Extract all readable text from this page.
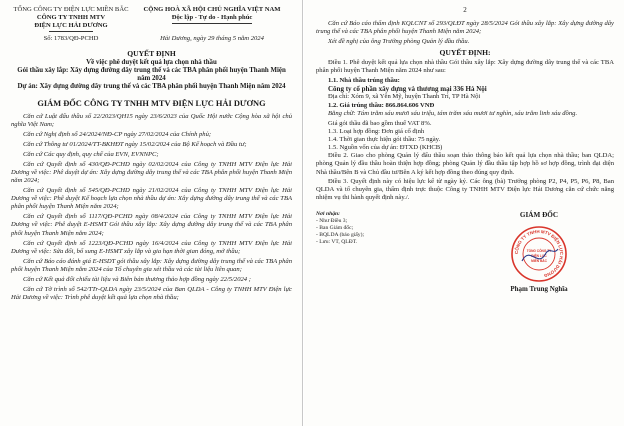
TỔNG CÔNG TY ĐIỆN LỰC MIỀN BẮC
CÔNG TY TNHH MTV
ĐIỆN LỰC HẢI DƯƠNG
CỘNG HOÀ XÃ HỘI CHỦ NGHĨA VIỆT NAM
Độc lập - Tự do - Hạnh phúc
Số: 1783/QĐ-PCHD	Hải Dương, ngày 29 tháng 5 năm 2024
QUYẾT ĐỊNH
Về việc phê duyệt kết quả lựa chọn nhà thầu
Gói thầu xây lắp: Xây dựng đường dây trung thế và các TBA phân phối huyện Thanh Miện năm 2024
Dự án: Xây dựng đường dây trung thế và các TBA phân phối huyện Thanh Miện năm 2024
GIÁM ĐỐC CÔNG TY TNHH MTV ĐIỆN LỰC HẢI DƯƠNG

Căn cứ Luật đấu thầu số 22/2023/QH15 ngày 23/6/2023 của Quốc Hội nước Cộng hòa xã hội chủ nghĩa Việt Nam;

Căn cứ Nghị định số 24/2024/NĐ-CP ngày 27/02/2024 của Chính phủ;

Căn cứ Thông tư 01/2024/TT-BKHĐT ngày 15/02/2024 của Bộ Kế hoạch và Đầu tư;

Căn cứ Các quy định, quy chế của EVN, EVNNPC;

Căn cứ Quyết định số 430/QĐ-PCHD ngày 02/02/2024 của Công ty TNHH MTV Điện lực Hải Dương về việc: Phê duyệt dự án: Xây dựng đường dây trung thế và các TBA phân phối huyện Thanh Miện năm 2024;

Căn cứ Quyết định số 545/QĐ-PCHD ngày 21/02/2024 của Công ty TNHH MTV Điện lực Hải Dương về việc: Phê duyệt Kế hoạch lựa chọn nhà thầu dự án: Xây dựng đường dây trung thế và các TBA phân phối huyện Thanh Miện năm 2024;

Căn cứ Quyết định số 1117/QĐ-PCHD ngày 08/4/2024 của Công ty TNHH MTV Điện lực Hải Dương về việc: Phê duyệt E-HSMT Gói thầu xây lắp: Xây dựng đường dây trung thế và các TBA phân phối huyện Thanh Miện năm 2024;

Căn cứ Quyết định số 1223/QĐ-PCHD ngày 16/4/2024 của Công ty TNHH MTV Điện lực Hải Dương về việc: Sửa đổi, bổ sung E-HSMT xây lắp và gia hạn thời gian đóng, mở thầu;

Căn cứ Báo cáo đánh giá E-HSDT gói thầu xây lắp: Xây dựng đường dây trung thế và các TBA phân phối huyện Thanh Miện năm 2024 của Tổ chuyên gia xét thầu và các tài liệu liên quan;

Căn cứ Kết quả đối chiếu tài liệu và Biên bản thương thảo hợp đồng ngày 22/5/2024 ;

Căn cứ Tờ trình số 542/TTr-QLDA ngày 23/5/2024 của Ban QLDA - Công ty TNHH MTV Điện lực Hải Dương về việc: Trình phê duyệt kết quả lựa chọn nhà thầu;

2

Căn cứ Báo cáo thẩm định KQLCNT số 293/QLĐT ngày 28/5/2024 Gói thầu xây lắp: Xây dựng đường dây trung thế và các TBA phân phối huyện Thanh Miện năm 2024;

Xét đề nghị của ông Trưởng phòng Quản lý đầu thầu.

QUYẾT ĐỊNH:

Điều 1. Phê duyệt kết quả lựa chọn nhà thầu Gói thầu xây lắp: Xây dựng đường dây trung thế và các TBA phân phối huyện Thanh Miện năm 2024 như sau:

1.1. Nhà thầu trúng thầu:
Công ty cổ phần xây dựng và thương mại 336 Hà Nội
Địa chỉ: Xóm 9, xã Yên Mỹ, huyện Thanh Trì, TP Hà Nội
1.2. Giá trúng thầu: 866.864.606 VNĐ

Bằng chữ: Tám trăm sáu mươi sáu triệu, tám trăm sáu mươi tư nghìn, sáu trăm linh sáu đồng.

Giá gói thầu đã bao gồm thuế VAT 8%.
1.3. Loại hợp đồng: Đơn giá cố định
1.4. Thời gian thực hiện gói thầu: 75 ngày.
1.5. Nguồn vốn của dự án: ĐTXD (KHCB)

Điều 2. Giao cho phòng Quản lý đấu thầu soạn thảo thông báo kết quả lựa chọn nhà thầu; ban QLDA; phòng Quản lý đầu thầu hoàn thiện hợp đồng; phòng Quản lý đầu thầu tập hợp hồ sơ hợp đồng, trình đại diện Nhà thầu/Bên B và Chủ đầu tư/Bên A ký kết hợp đồng theo đúng quy định.

Điều 3. Quyết định này có hiệu lực kể từ ngày ký. Các ông (bà) Trưởng phòng P2, P4, P5, P6, P8, Ban QLDA và tổ chuyên gia, thẩm định trực thuộc Công ty TNHH MTV Điện lực Hải Dương căn cứ chức năng nhiệm vụ thi hành quyết định này./.

Nơi nhận:
- Như Điều 3;
- Ban Giám đốc;
- BQLDA (báo giấy);
- Lưu: VT, QLĐT.
GIÁM ĐỐC
CÔNG TY TNHH MTV ĐIỆN LỰC HẢI DƯƠNG
TỔNG CÔNG TY
ĐIỆN LỰC
MIỀN BẮC
Phạm Trung Nghĩa
